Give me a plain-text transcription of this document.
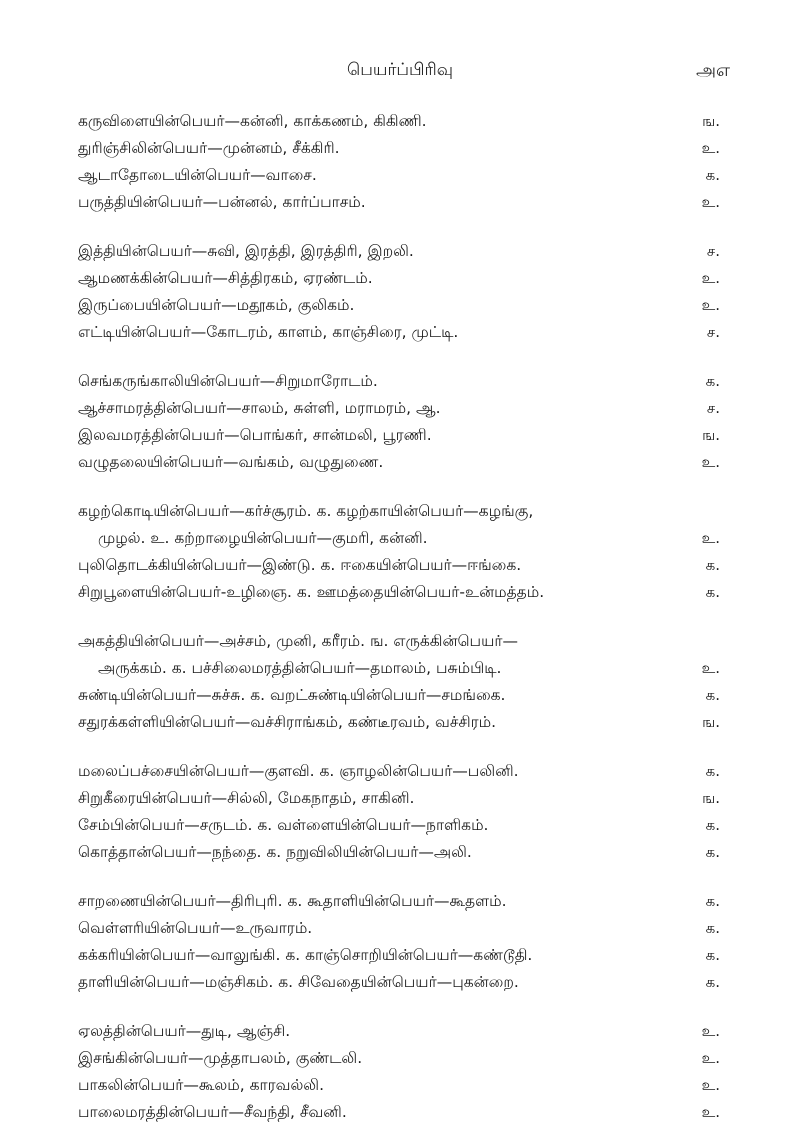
பெயர்ப்பிரிவு	அஎ
கருவிளையின்பெயர்—கன்னி, காக்கணம், கிகிணி.	ங.
துரிஞ்சிலின்பெயர்—முன்னம், சீக்கிரி.	உ.
ஆடாதோடையின்பெயர்—வாசை.	க.
பருத்தியின்பெயர்—பன்னல், கார்ப்பாசம்.	உ.
இத்தியின்பெயர்—சுவி, இரத்தி, இரத்திரி, இறலி.	ச.
ஆமணக்கின்பெயர்—சித்திரகம், ஏரண்டம்.	உ.
இருப்பையின்பெயர்—மதூகம், குலிகம்.	உ.
எட்டியின்பெயர்—கோடரம், காளம், காஞ்சிரை, முட்டி.	ச.
செங்கருங்காலியின்பெயர்—சிறுமாரோடம்.	க.
ஆச்சாமரத்தின்பெயர்—சாலம், சுள்ளி, மராமரம், ஆ.	ச.
இலவமரத்தின்பெயர்—பொங்கர், சான்மலி, பூரணி.	ங.
வழுதலையின்பெயர்—வங்கம், வழுதுணை.	உ.
கழற்கொடியின்பெயர்—கர்ச்சூரம். க. கழற்காயின்பெயர்—கழங்கு,
முழல். உ. கற்றாழையின்பெயர்—குமரி, கன்னி.	உ.
புலிதொடக்கியின்பெயர்—இண்டு. க. ஈகையின்பெயர்—ஈங்கை.	க.
சிறுபூளையின்பெயர்-உழிஞை. க. ஊமத்தையின்பெயர்-உன்மத்தம்.	க.
அகத்தியின்பெயர்—அச்சம், முனி, கரீரம். ங. எருக்கின்பெயர்—
அருக்கம். க. பச்சிலைமரத்தின்பெயர்—தமாலம், பசும்பிடி.	உ.
சுண்டியின்பெயர்—சுச்சு. க. வறட்சுண்டியின்பெயர்—சமங்கை.	க.
சதுரக்கள்ளியின்பெயர்—வச்சிராங்கம், கண்டீரவம், வச்சிரம்.	ங.
மலைப்பச்சையின்பெயர்—குளவி. க. ஞாழலின்பெயர்—பலினி.	க.
சிறுகீரையின்பெயர்—சில்லி, மேகநாதம், சாகினி.	ங.
சேம்பின்பெயர்—சருடம். க. வள்ளையின்பெயர்—நாளிகம்.	க.
கொத்தான்பெயர்—நந்தை. க. நறுவிலியின்பெயர்—அலி.	க.
சாறணையின்பெயர்—திரிபுரி. க. கூதாளியின்பெயர்—கூதளம்.	க.
வெள்ளரியின்பெயர்—உருவாரம்.	க.
கக்கரியின்பெயர்—வாலுங்கி. க. காஞ்சொறியின்பெயர்—கண்டூதி.	க.
தாளியின்பெயர்—மஞ்சிகம். க. சிவேதையின்பெயர்—புகன்றை.	க.
ஏலத்தின்பெயர்—துடி, ஆஞ்சி.	உ.
இசங்கின்பெயர்—முத்தாபலம், குண்டலி.	உ.
பாகலின்பெயர்—கூலம், காரவல்லி.	உ.
பாலைமரத்தின்பெயர்—சீவந்தி, சீவனி.	உ.
